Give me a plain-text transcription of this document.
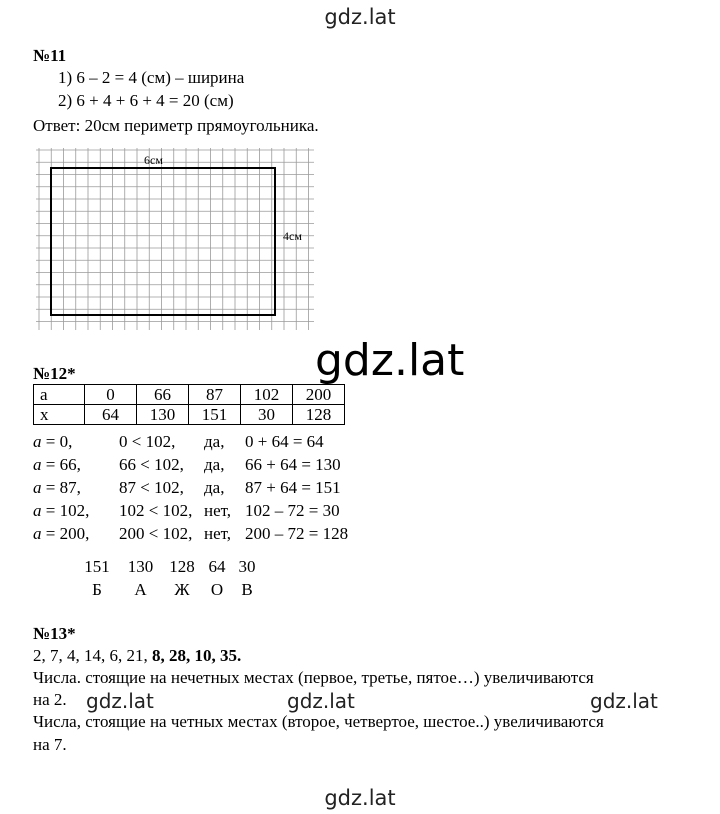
gdz.lat
gdz.lat
gdz.lat	gdz.lat	gdz.lat
gdz.lat
№11
1) 6 – 2 = 4 (см) – ширина
2) 6 + 4 + 6 + 4 = 20 (см)
Ответ: 20см периметр прямоугольника.
6см
4см
№12*
а	0	66	87	102	200
х	64	130	151	30	128
a = 0,	0 < 102, да, 0 + 64 = 64
a = 66, 66 < 102, да, 66 + 64 = 130
a = 87, 87 < 102, да, 87 + 64 = 151
a = 102, 102 < 102, нет, 102 – 72 = 30
a = 200, 200 < 102, нет, 200 – 72 = 128
151 130 128 64 30
Б А Ж О В
№13*
2, 7, 4, 14, 6, 21, 8, 28, 10, 35.
Числа. стоящие на нечетных местах (первое, третье, пятое…) увеличиваются
на 2.
Числа, стоящие на четных местах (второе, четвертое, шестое..) увеличиваются
на 7.
